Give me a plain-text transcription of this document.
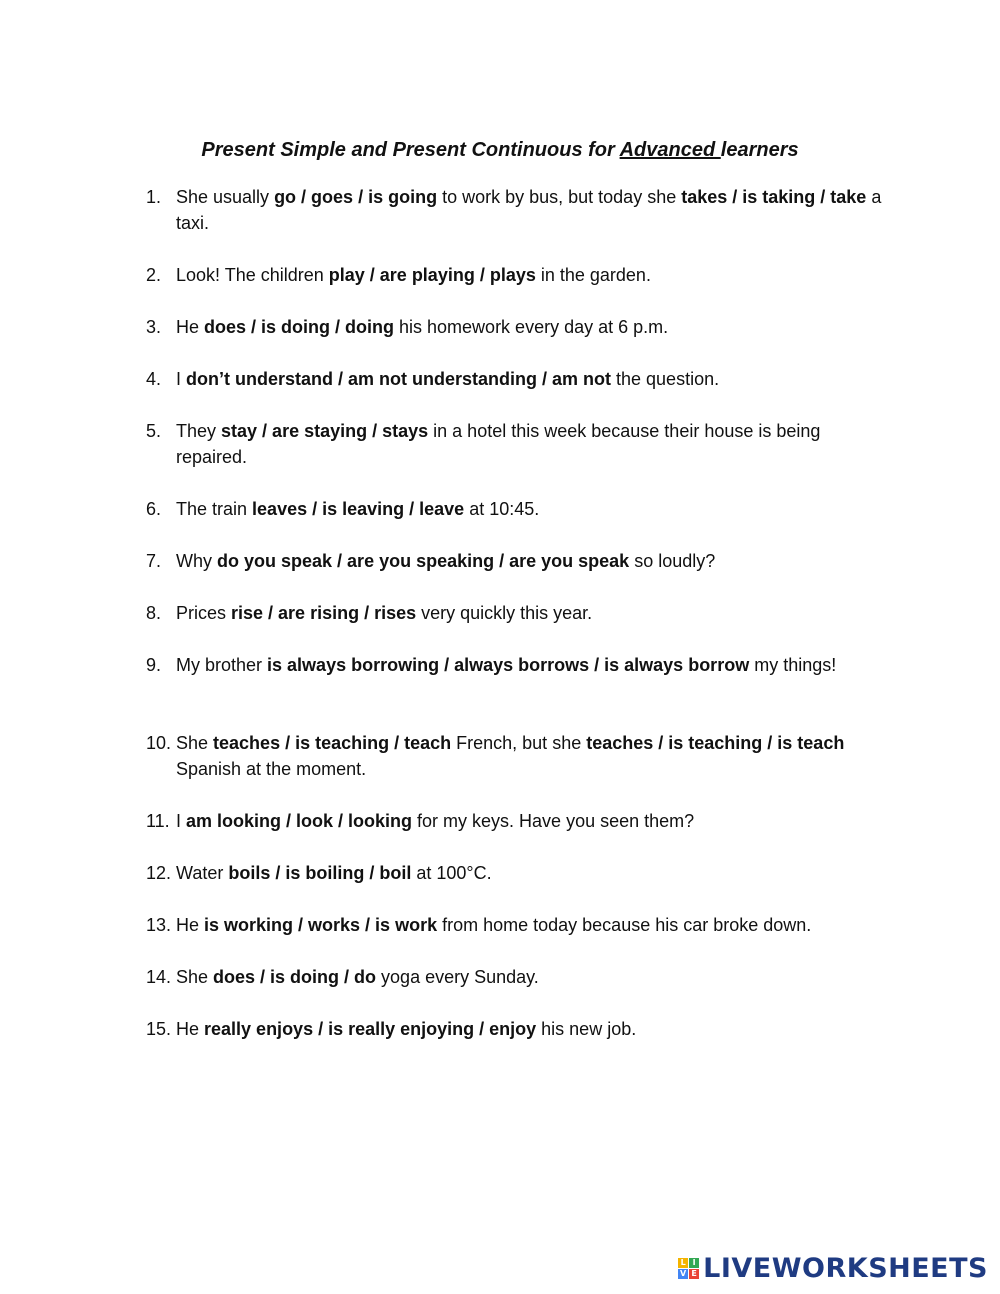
Present Simple and Present Continuous for Advanced learners
1. She usually go / goes / is going to work by bus, but today she takes / is taking / take a taxi.
2. Look! The children play / are playing / plays in the garden.
3. He does / is doing / doing his homework every day at 6 p.m.
4. I don’t understand / am not understanding / am not the question.
5. They stay / are staying / stays in a hotel this week because their house is being repaired.
6. The train leaves / is leaving / leave at 10:45.
7. Why do you speak / are you speaking / are you speak so loudly?
8. Prices rise / are rising / rises very quickly this year.
9. My brother is always borrowing / always borrows / is always borrow my things!
10. She teaches / is teaching / teach French, but she teaches / is teaching / is teach Spanish at the moment.
11. I am looking / look / looking for my keys. Have you seen them?
12. Water boils / is boiling / boil at 100°C.
13. He is working / works / is work from home today because his car broke down.
14. She does / is doing / do yoga every Sunday.
15. He really enjoys / is really enjoying / enjoy his new job.
L I
V E LIVEWORKSHEETS
